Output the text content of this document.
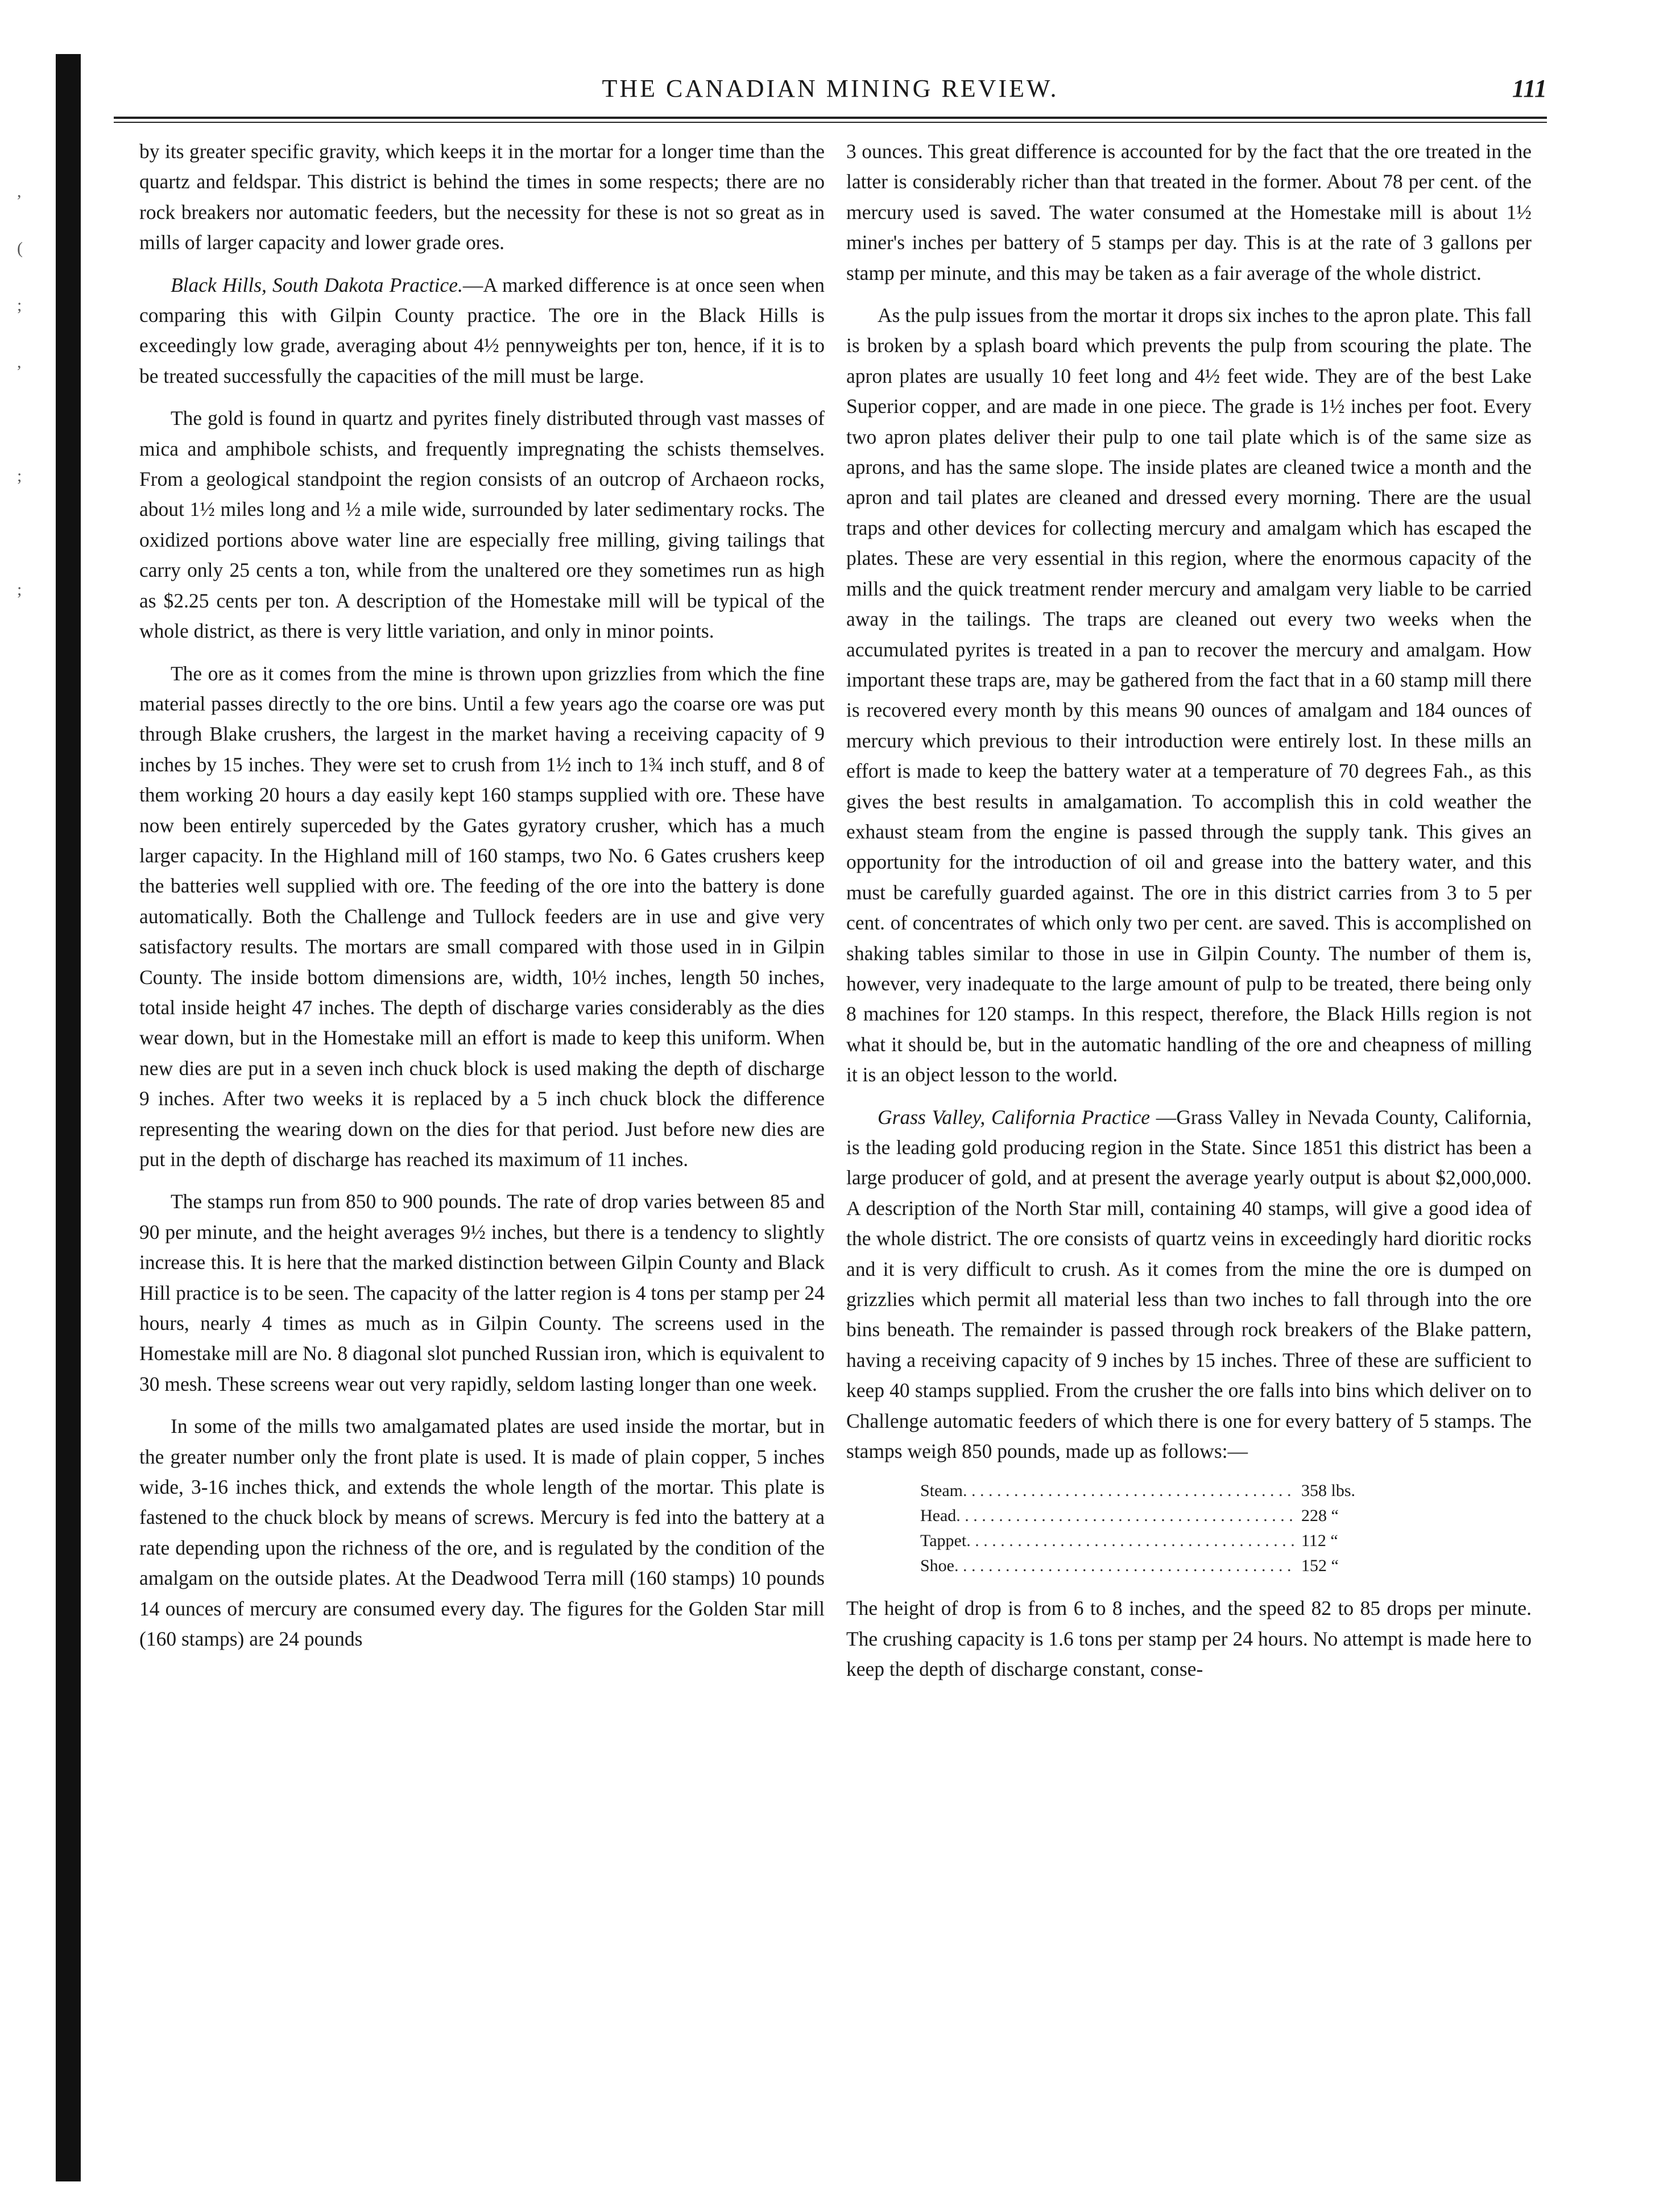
,
(
;
,
;
;
THE CANADIAN MINING REVIEW.	111

by its greater specific gravity, which keeps it in the mortar for a longer time than the quartz and feldspar. This district is behind the times in some respects; there are no rock breakers nor automatic feeders, but the necessity for these is not so great as in mills of larger capacity and lower grade ores.

Black Hills, South Dakota Practice.—A marked difference is at once seen when comparing this with Gilpin County practice. The ore in the Black Hills is exceedingly low grade, averaging about 4½ pennyweights per ton, hence, if it is to be treated successfully the capacities of the mill must be large.

The gold is found in quartz and pyrites finely distributed through vast masses of mica and amphibole schists, and frequently impregnating the schists themselves. From a geological standpoint the region consists of an outcrop of Archaeon rocks, about 1½ miles long and ½ a mile wide, surrounded by later sedimentary rocks. The oxidized portions above water line are especially free milling, giving tailings that carry only 25 cents a ton, while from the unaltered ore they sometimes run as high as $2.25 cents per ton. A description of the Homestake mill will be typical of the whole district, as there is very little variation, and only in minor points.

The ore as it comes from the mine is thrown upon grizzlies from which the fine material passes directly to the ore bins. Until a few years ago the coarse ore was put through Blake crushers, the largest in the market having a receiving capacity of 9 inches by 15 inches. They were set to crush from 1½ inch to 1¾ inch stuff, and 8 of them working 20 hours a day easily kept 160 stamps supplied with ore. These have now been entirely superceded by the Gates gyratory crusher, which has a much larger capacity. In the Highland mill of 160 stamps, two No. 6 Gates crushers keep the batteries well supplied with ore. The feeding of the ore into the battery is done automatically. Both the Challenge and Tullock feeders are in use and give very satisfactory results. The mortars are small compared with those used in in Gilpin County. The inside bottom dimensions are, width, 10½ inches, length 50 inches, total inside height 47 inches. The depth of discharge varies considerably as the dies wear down, but in the Homestake mill an effort is made to keep this uniform. When new dies are put in a seven inch chuck block is used making the depth of discharge 9 inches. After two weeks it is replaced by a 5 inch chuck block the difference representing the wearing down on the dies for that period. Just before new dies are put in the depth of discharge has reached its maximum of 11 inches.

The stamps run from 850 to 900 pounds. The rate of drop varies between 85 and 90 per minute, and the height averages 9½ inches, but there is a tendency to slightly increase this. It is here that the marked distinction between Gilpin County and Black Hill practice is to be seen. The capacity of the latter region is 4 tons per stamp per 24 hours, nearly 4 times as much as in Gilpin County. The screens used in the Homestake mill are No. 8 diagonal slot punched Russian iron, which is equivalent to 30 mesh. These screens wear out very rapidly, seldom lasting longer than one week.

In some of the mills two amalgamated plates are used inside the mortar, but in the greater number only the front plate is used. It is made of plain copper, 5 inches wide, 3-16 inches thick, and extends the whole length of the mortar. This plate is fastened to the chuck block by means of screws. Mercury is fed into the battery at a rate depending upon the richness of the ore, and is regulated by the condition of the amalgam on the outside plates. At the Deadwood Terra mill (160 stamps) 10 pounds 14 ounces of mercury are consumed every day. The figures for the Golden Star mill (160 stamps) are 24 pounds

3 ounces. This great difference is accounted for by the fact that the ore treated in the latter is considerably richer than that treated in the former. About 78 per cent. of the mercury used is saved. The water consumed at the Homestake mill is about 1½ miner's inches per battery of 5 stamps per day. This is at the rate of 3 gallons per stamp per minute, and this may be taken as a fair average of the whole district.

As the pulp issues from the mortar it drops six inches to the apron plate. This fall is broken by a splash board which prevents the pulp from scouring the plate. The apron plates are usually 10 feet long and 4½ feet wide. They are of the best Lake Superior copper, and are made in one piece. The grade is 1½ inches per foot. Every two apron plates deliver their pulp to one tail plate which is of the same size as aprons, and has the same slope. The inside plates are cleaned twice a month and the apron and tail plates are cleaned and dressed every morning. There are the usual traps and other devices for collecting mercury and amalgam which has escaped the plates. These are very essential in this region, where the enormous capacity of the mills and the quick treatment render mercury and amalgam very liable to be carried away in the tailings. The traps are cleaned out every two weeks when the accumulated pyrites is treated in a pan to recover the mercury and amalgam. How important these traps are, may be gathered from the fact that in a 60 stamp mill there is recovered every month by this means 90 ounces of amalgam and 184 ounces of mercury which previous to their introduction were entirely lost. In these mills an effort is made to keep the battery water at a temperature of 70 degrees Fah., as this gives the best results in amalgamation. To accomplish this in cold weather the exhaust steam from the engine is passed through the supply tank. This gives an opportunity for the introduction of oil and grease into the battery water, and this must be carefully guarded against. The ore in this district carries from 3 to 5 per cent. of concentrates of which only two per cent. are saved. This is accomplished on shaking tables similar to those in use in Gilpin County. The number of them is, however, very inadequate to the large amount of pulp to be treated, there being only 8 machines for 120 stamps. In this respect, therefore, the Black Hills region is not what it should be, but in the automatic handling of the ore and cheapness of milling it is an object lesson to the world.

Grass Valley, California Practice —Grass Valley in Nevada County, California, is the leading gold producing region in the State. Since 1851 this district has been a large producer of gold, and at present the average yearly output is about $2,000,000. A description of the North Star mill, containing 40 stamps, will give a good idea of the whole district. The ore consists of quartz veins in exceedingly hard dioritic rocks and it is very difficult to crush. As it comes from the mine the ore is dumped on grizzlies which permit all material less than two inches to fall through into the ore bins beneath. The remainder is passed through rock breakers of the Blake pattern, having a receiving capacity of 9 inches by 15 inches. Three of these are sufficient to keep 40 stamps supplied. From the crusher the ore falls into bins which deliver on to Challenge automatic feeders of which there is one for every battery of 5 stamps. The stamps weigh 850 pounds, made up as follows:—

Steam . . .	358 lbs.
Head . . .	228 “
Tappet . . .	112 “
Shoe . . .	152 “

The height of drop is from 6 to 8 inches, and the speed 82 to 85 drops per minute. The crushing capacity is 1.6 tons per stamp per 24 hours. No attempt is made here to keep the depth of discharge constant, conse-
